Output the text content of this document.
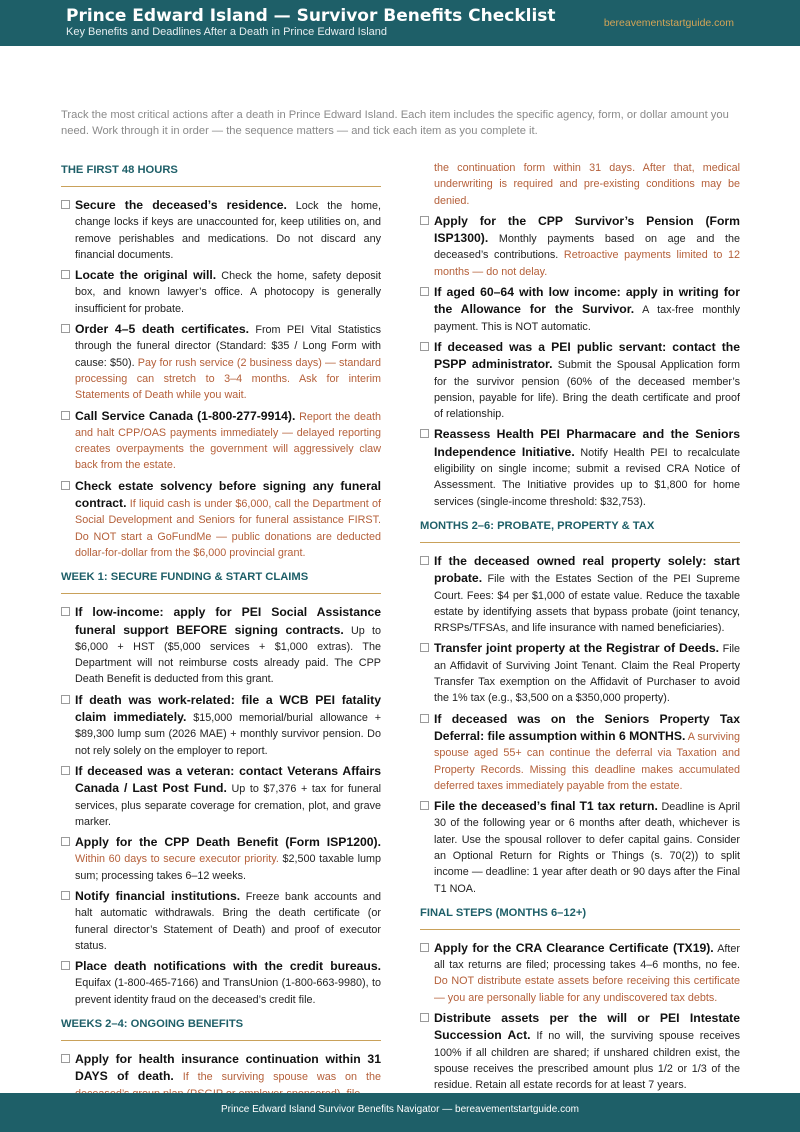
Prince Edward Island — Survivor Benefits Checklist
Key Benefits and Deadlines After a Death in Prince Edward Island
bereavementstartguide.com
Track the most critical actions after a death in Prince Edward Island. Each item includes the specific agency, form, or dollar amount you need. Work through it in order — the sequence matters — and tick each item as you complete it.
THE FIRST 48 HOURS
Secure the deceased’s residence. Lock the home, change locks if keys are unaccounted for, keep utilities on, and remove perishables and medications. Do not discard any financial documents.
Locate the original will. Check the home, safety deposit box, and known lawyer’s office. A photocopy is generally insufficient for probate.
Order 4–5 death certificates. From PEI Vital Statistics through the funeral director (Standard: $35 / Long Form with cause: $50). Pay for rush service (2 business days) — standard processing can stretch to 3–4 months. Ask for interim Statements of Death while you wait.
Call Service Canada (1-800-277-9914). Report the death and halt CPP/OAS payments immediately — delayed reporting creates overpayments the government will aggressively claw back from the estate.
Check estate solvency before signing any funeral contract. If liquid cash is under $6,000, call the Department of Social Development and Seniors for funeral assistance FIRST. Do NOT start a GoFundMe — public donations are deducted dollar-for-dollar from the $6,000 provincial grant.
WEEK 1: SECURE FUNDING & START CLAIMS
If low-income: apply for PEI Social Assistance funeral support BEFORE signing contracts. Up to $6,000 + HST ($5,000 services + $1,000 extras). The Department will not reimburse costs already paid. The CPP Death Benefit is deducted from this grant.
If death was work-related: file a WCB PEI fatality claim immediately. $15,000 memorial/burial allowance + $89,300 lump sum (2026 MAE) + monthly survivor pension. Do not rely solely on the employer to report.
If deceased was a veteran: contact Veterans Affairs Canada / Last Post Fund. Up to $7,376 + tax for funeral services, plus separate coverage for cremation, plot, and grave marker.
Apply for the CPP Death Benefit (Form ISP1200). Within 60 days to secure executor priority. $2,500 taxable lump sum; processing takes 6–12 weeks.
Notify financial institutions. Freeze bank accounts and halt automatic withdrawals. Bring the death certificate (or funeral director’s Statement of Death) and proof of executor status.
Place death notifications with the credit bureaus. Equifax (1-800-465-7166) and TransUnion (1-800-663-9980), to prevent identity fraud on the deceased’s credit file.
WEEKS 2–4: ONGOING BENEFITS
Apply for health insurance continuation within 31 DAYS of death. If the surviving spouse was on the
the continuation form within 31 days. After that, medical underwriting is required and pre-existing conditions may be denied.
Apply for the CPP Survivor’s Pension (Form ISP1300). Monthly payments based on age and the deceased’s contributions. Retroactive payments limited to 12 months — do not delay.
If aged 60–64 with low income: apply in writing for the Allowance for the Survivor. A tax-free monthly payment. This is NOT automatic.
If deceased was a PEI public servant: contact the PSPP administrator. Submit the Spousal Application form for the survivor pension (60% of the deceased member’s pension, payable for life). Bring the death certificate and proof of relationship.
Reassess Health PEI Pharmacare and the Seniors Independence Initiative. Notify Health PEI to recalculate eligibility on single income; submit a revised CRA Notice of Assessment. The Initiative provides up to $1,800 for home services (single-income threshold: $32,753).
MONTHS 2–6: PROBATE, PROPERTY & TAX
If the deceased owned real property solely: start probate. File with the Estates Section of the PEI Supreme Court. Fees: $4 per $1,000 of estate value. Reduce the taxable estate by identifying assets that bypass probate (joint tenancy, RRSPs/TFSAs, and life insurance with named beneficiaries).
Transfer joint property at the Registrar of Deeds. File an Affidavit of Surviving Joint Tenant. Claim the Real Property Transfer Tax exemption on the Affidavit of Purchaser to avoid the 1% tax (e.g., $3,500 on a $350,000 property).
If deceased was on the Seniors Property Tax Deferral: file assumption within 6 MONTHS. A surviving spouse aged 55+ can continue the deferral via Taxation and Property Records. Missing this deadline makes accumulated deferred taxes immediately payable from the estate.
File the deceased’s final T1 tax return. Deadline is April 30 of the following year or 6 months after death, whichever is later. Use the spousal rollover to defer capital gains. Consider an Optional Return for Rights or Things (s. 70(2)) to split income — deadline: 1 year after death or 90 days after the Final T1 NOA.
FINAL STEPS (MONTHS 6–12+)
Apply for the CRA Clearance Certificate (TX19). After all tax returns are filed; processing takes 4–6 months, no fee. Do NOT distribute estate assets before receiving this certificate — you are personally liable for any undiscovered tax debts.
Distribute assets per the will or PEI Intestate Succession Act. If no will, the surviving spouse receives 100% if all children are shared; if unshared children exist, the spouse receives the prescribed amount plus 1/2 or 1/3 of the residue. Retain all estate records for at least 7 years.
Prince Edward Island Survivor Benefits Navigator — bereavementstartguide.com
